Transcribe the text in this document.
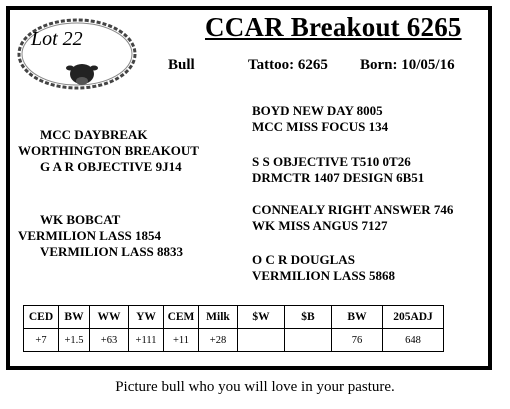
Lot 22	CCAR Breakout 6265
Bull	Tattoo: 6265 Born: 10/05/16
BOYD NEW DAY 8005
MCC MISS FOCUS 134
MCC DAYBREAK
WORTHINGTON BREAKOUT
G A R OBJECTIVE 9J14	S S OBJECTIVE T510 0T26
DRMCTR 1407 DESIGN 6B51
CONNEALY RIGHT ANSWER 746
WK MISS ANGUS 7127
WK BOBCAT
VERMILION LASS 1854
VERMILION LASS 8833
O C R DOUGLAS
VERMILION LASS 5868
CED	BW	WW	YW	CEM	Milk	$W	$B	BW	205ADJ
+7	+1.5	+63	+111	+11	+28			76	648
Picture bull who you will love in your pasture.
